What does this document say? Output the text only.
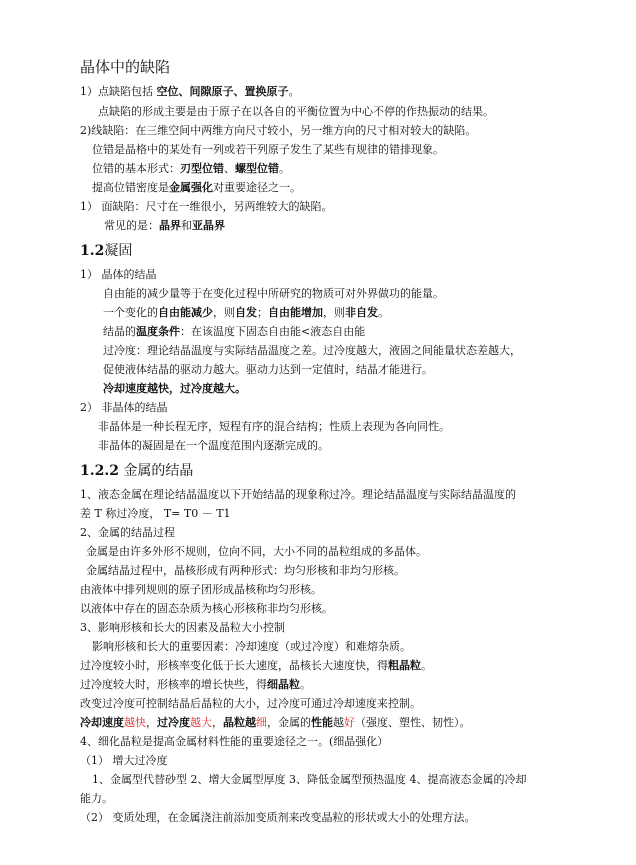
晶体中的缺陷
1）点缺陷包括 空位、间隙原子、置换原子。
点缺陷的形成主要是由于原子在以各自的平衡位置为中心不停的作热振动的结果。
2)线缺陷：在三维空间中两维方向尺寸较小，另一维方向的尺寸相对较大的缺陷。
位错是晶格中的某处有一列或若干列原子发生了某些有规律的错排现象。
位错的基本形式：刃型位错、螺型位错。
提高位错密度是金属强化对重要途径之一。
1） 面缺陷：尺寸在一维很小，另两维较大的缺陷。
常见的是：晶界和亚晶界
1.2凝固
1） 晶体的结晶
自由能的减少量等于在变化过程中所研究的物质可对外界做功的能量。
一个变化的自由能减少，则自发；自由能增加，则非自发。
结晶的温度条件：在该温度下固态自由能<液态自由能
过冷度：理论结晶温度与实际结晶温度之差。过冷度越大，液固之间能量状态差越大，
促使液体结晶的驱动力越大。驱动力达到一定值时，结晶才能进行。
冷却速度越快，过冷度越大。
2） 非晶体的结晶
非晶体是一种长程无序，短程有序的混合结构；性质上表现为各向同性。
非晶体的凝固是在一个温度范围内逐渐完成的。
1.2.2 金属的结晶
1、液态金属在理论结晶温度以下开始结晶的现象称过冷。理论结晶温度与实际结晶温度的
差 T 称过冷度， T= T0 － T1
2、金属的结晶过程
金属是由许多外形不规则，位向不同，大小不同的晶粒组成的多晶体。
金属结晶过程中，晶核形成有两种形式：均匀形核和非均匀形核。
由液体中排列规则的原子团形成晶核称均匀形核。
以液体中存在的固态杂质为核心形核称非均匀形核。
3、影响形核和长大的因素及晶粒大小控制
影响形核和长大的重要因素：冷却速度（或过冷度）和难熔杂质。
过冷度较小时，形核率变化低于长大速度，晶核长大速度快，得粗晶粒。
过冷度较大时，形核率的增长快些，得细晶粒。
改变过冷度可控制结晶后晶粒的大小，过冷度可通过冷却速度来控制。
冷却速度越快，过冷度越大，晶粒越细，金属的性能越好（强度、塑性、韧性）。
4、细化晶粒是提高金属材料性能的重要途径之一。(细晶强化）
（1） 增大过冷度
1、金属型代替砂型 2、增大金属型厚度 3、降低金属型预热温度 4、提高液态金属的冷却
能力。
（2） 变质处理，在金属浇注前添加变质剂来改变晶粒的形状或大小的处理方法。
